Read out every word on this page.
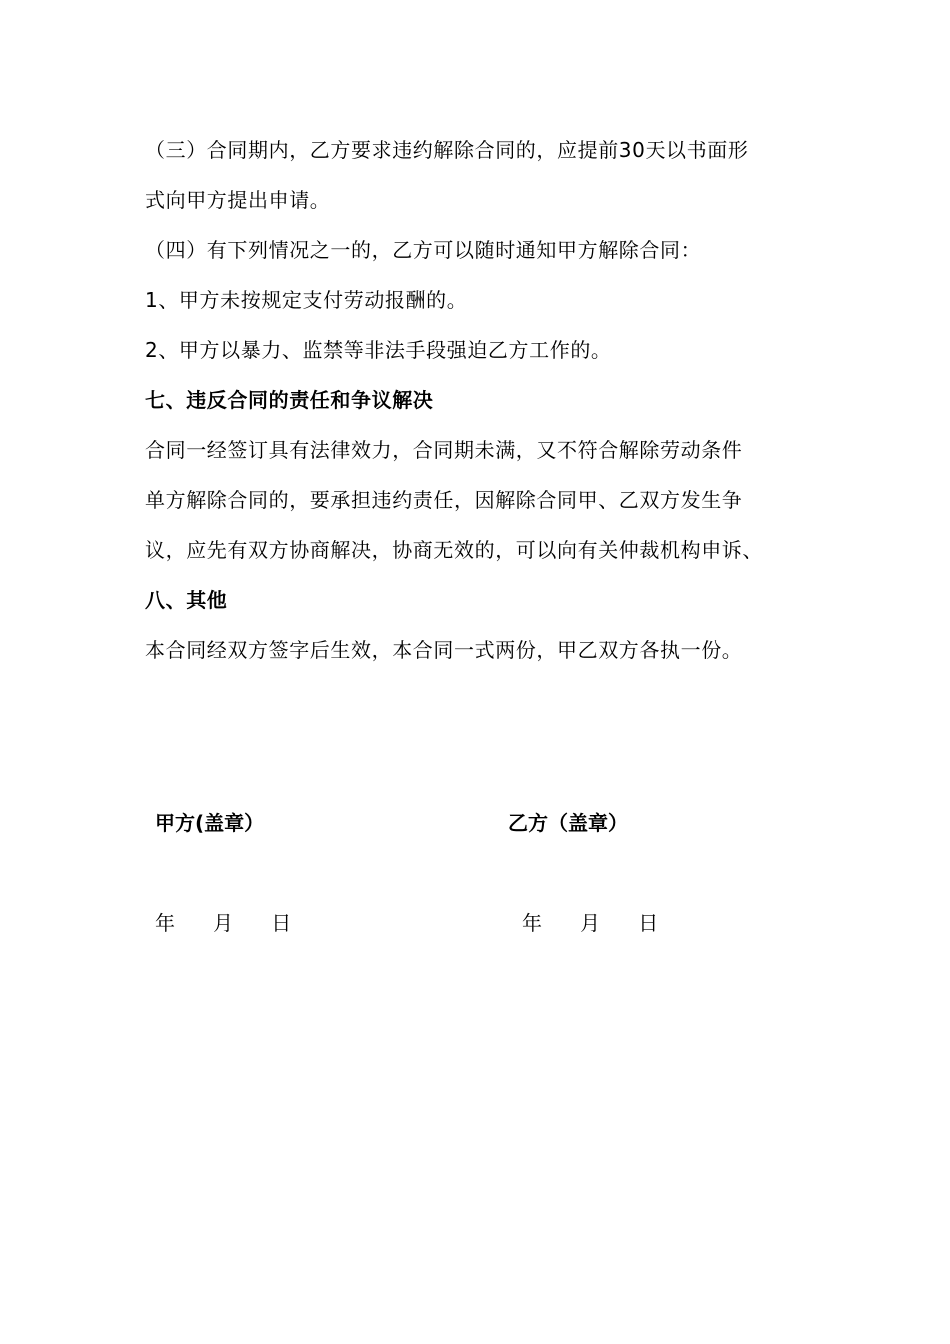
（三）合同期内，乙方要求违约解除合同的，应提前30天以书面形
式向甲方提出申请。
（四）有下列情况之一的，乙方可以随时通知甲方解除合同：
1、甲方未按规定支付劳动报酬的。
2、甲方以暴力、监禁等非法手段强迫乙方工作的。
七、违反合同的责任和争议解决
合同一经签订具有法律效力，合同期未满，又不符合解除劳动条件
单方解除合同的，要承担违约责任，因解除合同甲、乙双方发生争
议，应先有双方协商解决，协商无效的，可以向有关仲裁机构申诉、
八、其他
本合同经双方签字后生效，本合同一式两份，甲乙双方各执一份。
甲方(盖章）	乙方（盖章）
年      月      日	年      月      日
